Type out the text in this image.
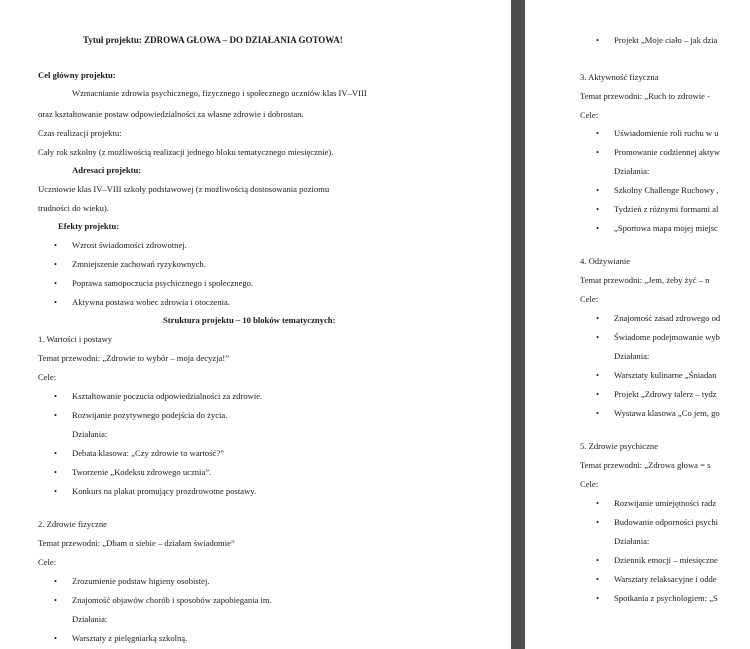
Tytuł projektu: ZDROWA GŁOWA – DO DZIAŁANIA GOTOWA!
Cel główny projektu:
Wzmacnianie zdrowia psychicznego, fizycznego i społecznego uczniów klas IV–VIII
oraz kształtowanie postaw odpowiedzialności za własne zdrowie i dobrostan.
Czas realizacji projektu:
Cały rok szkolny (z możliwością realizacji jednego bloku tematycznego miesięcznie).
Adresaci projektu:
Uczniowie klas IV–VIII szkoły podstawowej (z możliwością dostosowania poziomu
trudności do wieku).
Efekty projektu:
• Wzrost świadomości zdrowotnej.
• Zmniejszenie zachowań ryzykownych.
• Poprawa samopoczucia psychicznego i społecznego.
• Aktywna postawa wobec zdrowia i otoczenia.
Struktura projektu – 10 bloków tematycznych:
1. Wartości i postawy
Temat przewodni: „Zdrowie to wybór – moja decyzja!”
Cele:
• Kształtowanie poczucia odpowiedzialności za zdrowie.
• Rozwijanie pozytywnego podejścia do życia.
Działania:
• Debata klasowa: „Czy zdrowie to wartość?”
• Tworzenie „Kodeksu zdrowego ucznia”.
• Konkurs na plakat promujący prozdrowotne postawy.
2. Zdrowie fizyczne
Temat przewodni: „Dbam o siebie – działam świadomie”
Cele:
• Zrozumienie podstaw higieny osobistej.
• Znajomość objawów chorób i sposobów zapobiegania im.
Działania:
• Warsztaty z pielęgniarką szkolną.
• Projekt „Moje ciało – jak dzia
3. Aktywność fizyczna
Temat przewodni: „Ruch to zdrowie -
Cele:
• Uświadomienie roli ruchu w u
• Promowanie codziennej aktyw
Działania:
• Szkolny Challenge Ruchowy ,
• Tydzień z różnymi formami al
• „Sportowa mapa mojej miejsc
4. Odżywianie
Temat przewodni: „Jem, żeby żyć – n
Cele:
• Znajomość zasad zdrowego od
• Świadome podejmowanie wyb
Działania:
• Warsztaty kulinarne „Śniadan
• Projekt „Zdrowy talerz – tydz
• Wystawa klasowa „Co jem, go
5. Zdrowie psychiczne
Temat przewodni: „Zdrowa głowa = s
Cele:
• Rozwijanie umiejętności radz
• Budowanie odporności psychi
Działania:
• Dziennik emocji – miesięczne
• Warsztaty relaksacyjne i odde
• Spotkania z psychologiem: „S
